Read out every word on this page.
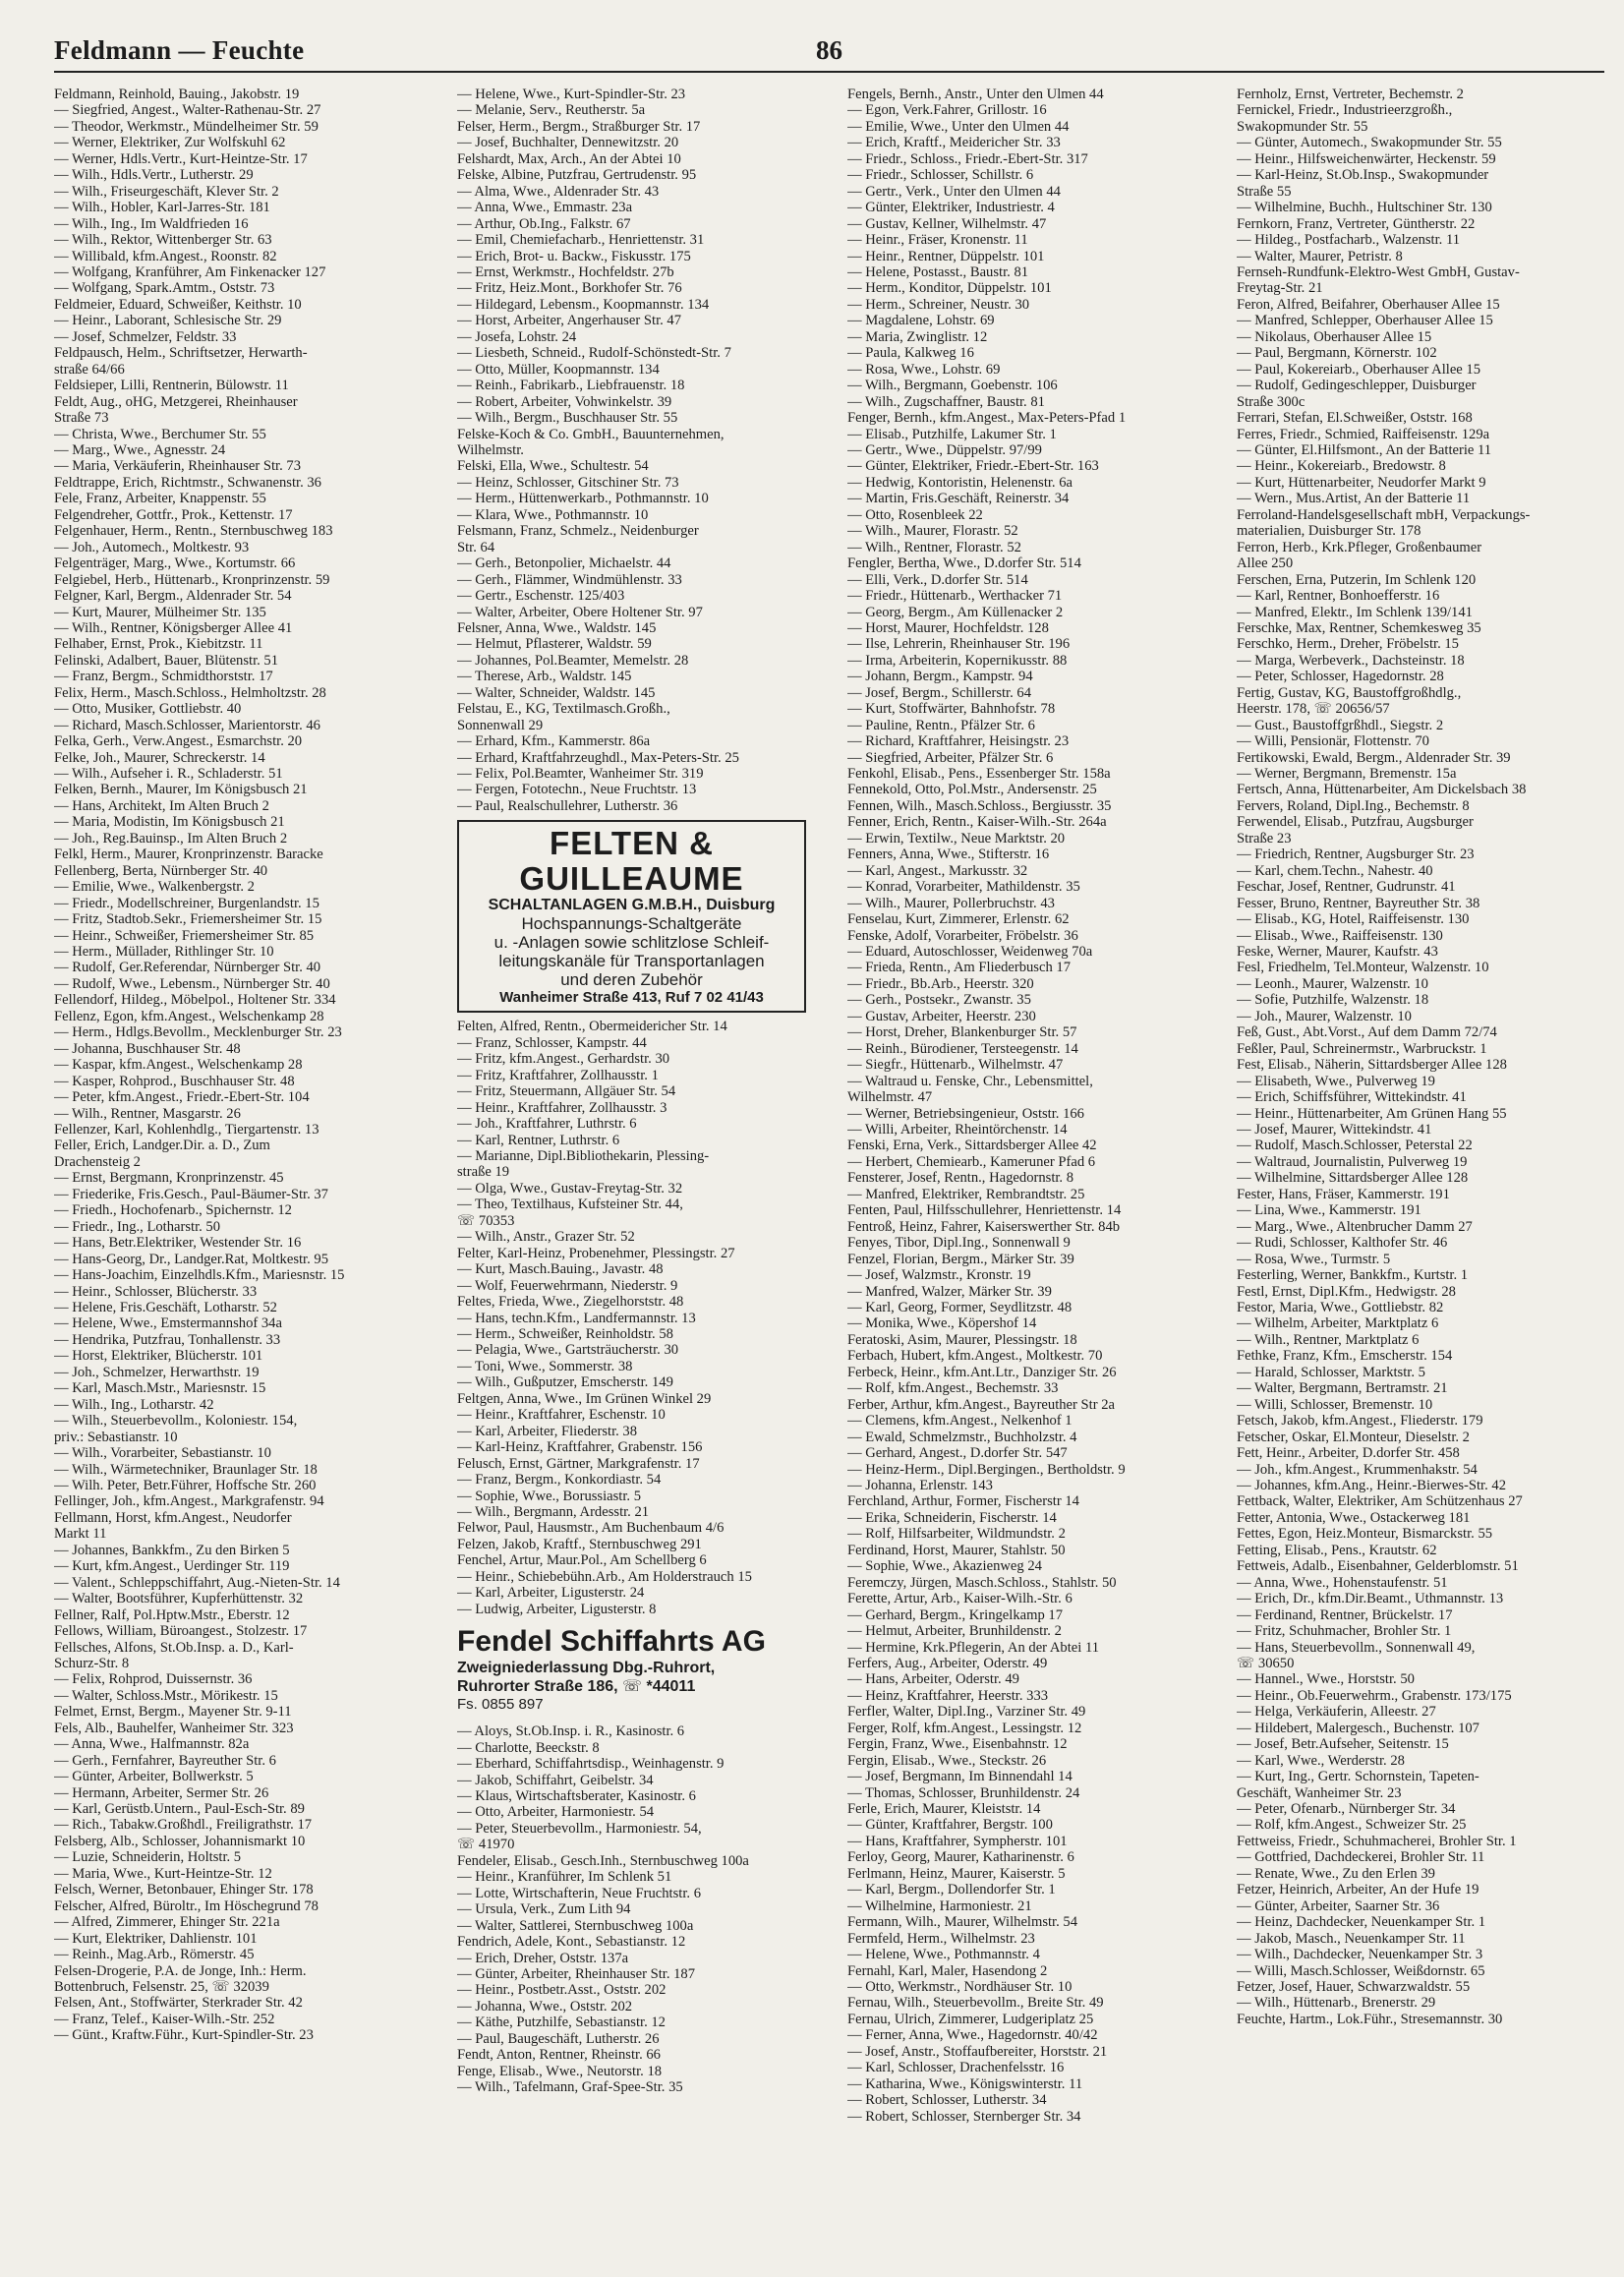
Feldmann — Feuchte	86
Feldmann, Reinhold, Bauing., Jakobstr. 19
— Siegfried, Angest., Walter-Rathenau-Str. 27
— Theodor, Werkmstr., Mündelheimer Str. 59
— Werner, Elektriker, Zur Wolfskuhl 62
— Werner, Hdls.Vertr., Kurt-Heintze-Str. 17
— Wilh., Hdls.Vertr., Lutherstr. 29
— Wilh., Friseurgeschäft, Klever Str. 2
— Wilh., Hobler, Karl-Jarres-Str. 181
— Wilh., Ing., Im Waldfrieden 16
— Wilh., Rektor, Wittenberger Str. 63
— Willibald, kfm.Angest., Roonstr. 82
— Wolfgang, Kranführer, Am Finkenacker 127
— Wolfgang, Spark.Amtm., Oststr. 73
Feldmeier, Eduard, Schweißer, Keithstr. 10
— Heinr., Laborant, Schlesische Str. 29
— Josef, Schmelzer, Feldstr. 33
Feldpausch, Helm., Schriftsetzer, Herwarth-
straße 64/66
Feldsieper, Lilli, Rentnerin, Bülowstr. 11
Feldt, Aug., oHG, Metzgerei, Rheinhauser
Straße 73
— Christa, Wwe., Berchumer Str. 55
— Marg., Wwe., Agnesstr. 24
— Maria, Verkäuferin, Rheinhauser Str. 73
Feldtrappe, Erich, Richtmstr., Schwanenstr. 36
Fele, Franz, Arbeiter, Knappenstr. 55
Felgendreher, Gottfr., Prok., Kettenstr. 17
Felgenhauer, Herm., Rentn., Sternbuschweg 183
— Joh., Automech., Moltkestr. 93
Felgenträger, Marg., Wwe., Kortumstr. 66
Felgiebel, Herb., Hüttenarb., Kronprinzenstr. 59
Felgner, Karl, Bergm., Aldenrader Str. 54
— Kurt, Maurer, Mülheimer Str. 135
— Wilh., Rentner, Königsberger Allee 41
Felhaber, Ernst, Prok., Kiebitzstr. 11
Felinski, Adalbert, Bauer, Blütenstr. 51
— Franz, Bergm., Schmidthorststr. 17
Felix, Herm., Masch.Schloss., Helmholtzstr. 28
— Otto, Musiker, Gottliebstr. 40
— Richard, Masch.Schlosser, Marientorstr. 46
Felka, Gerh., Verw.Angest., Esmarchstr. 20
Felke, Joh., Maurer, Schreckerstr. 14
— Wilh., Aufseher i. R., Schladerstr. 51
Felken, Bernh., Maurer, Im Königsbusch 21
— Hans, Architekt, Im Alten Bruch 2
— Maria, Modistin, Im Königsbusch 21
— Joh., Reg.Bauinsp., Im Alten Bruch 2
Felkl, Herm., Maurer, Kronprinzenstr. Baracke
Fellenberg, Berta, Nürnberger Str. 40
— Emilie, Wwe., Walkenbergstr. 2
— Friedr., Modellschreiner, Burgenlandstr. 15
— Fritz, Stadtob.Sekr., Friemersheimer Str. 15
— Heinr., Schweißer, Friemersheimer Str. 85
— Herm., Müllader, Rithlinger Str. 10
— Rudolf, Ger.Referendar, Nürnberger Str. 40
— Rudolf, Wwe., Lebensm., Nürnberger Str. 40
Fellendorf, Hildeg., Möbelpol., Holtener Str. 334
Fellenz, Egon, kfm.Angest., Welschenkamp 28
— Herm., Hdlgs.Bevollm., Mecklenburger Str. 23
— Johanna, Buschhauser Str. 48
— Kaspar, kfm.Angest., Welschenkamp 28
— Kasper, Rohprod., Buschhauser Str. 48
— Peter, kfm.Angest., Friedr.-Ebert-Str. 104
— Wilh., Rentner, Masgarstr. 26
Fellenzer, Karl, Kohlenhdlg., Tiergartenstr. 13
Feller, Erich, Landger.Dir. a. D., Zum
Drachensteig 2
— Ernst, Bergmann, Kronprinzenstr. 45
— Friederike, Fris.Gesch., Paul-Bäumer-Str. 37
— Friedh., Hochofenarb., Spichernstr. 12
— Friedr., Ing., Lotharstr. 50
— Hans, Betr.Elektriker, Westender Str. 16
— Hans-Georg, Dr., Landger.Rat, Moltkestr. 95
— Hans-Joachim, Einzelhdls.Kfm., Mariesnstr. 15
— Heinr., Schlosser, Blücherstr. 33
— Helene, Fris.Geschäft, Lotharstr. 52
— Helene, Wwe., Emstermannshof 34a
— Hendrika, Putzfrau, Tonhallenstr. 33
— Horst, Elektriker, Blücherstr. 101
— Joh., Schmelzer, Herwarthstr. 19
— Karl, Masch.Mstr., Mariesnstr. 15
— Wilh., Ing., Lotharstr. 42
— Wilh., Steuerbevollm., Koloniestr. 154,
priv.: Sebastianstr. 10
— Wilh., Vorarbeiter, Sebastianstr. 10
— Wilh., Wärmetechniker, Braunlager Str. 18
— Wilh. Peter, Betr.Führer, Hoffsche Str. 260
Fellinger, Joh., kfm.Angest., Markgrafenstr. 94
Fellmann, Horst, kfm.Angest., Neudorfer
Markt 11
— Johannes, Bankkfm., Zu den Birken 5
— Kurt, kfm.Angest., Uerdinger Str. 119
— Valent., Schleppschiffahrt, Aug.-Nieten-Str. 14
— Walter, Bootsführer, Kupferhüttenstr. 32
Fellner, Ralf, Pol.Hptw.Mstr., Eberstr. 12
Fellows, William, Büroangest., Stolzestr. 17
Fellsches, Alfons, St.Ob.Insp. a. D., Karl-
Schurz-Str. 8
— Felix, Rohprod, Duissernstr. 36
— Walter, Schloss.Mstr., Mörikestr. 15
Felmet, Ernst, Bergm., Mayener Str. 9-11
Fels, Alb., Bauhelfer, Wanheimer Str. 323
— Anna, Wwe., Halfmannstr. 82a
— Gerh., Fernfahrer, Bayreuther Str. 6
— Günter, Arbeiter, Bollwerkstr. 5
— Hermann, Arbeiter, Sermer Str. 26
— Karl, Gerüstb.Untern., Paul-Esch-Str. 89
— Rich., Tabakw.Großhdl., Freiligrathstr. 17
Felsberg, Alb., Schlosser, Johannismarkt 10
— Luzie, Schneiderin, Holtstr. 5
— Maria, Wwe., Kurt-Heintze-Str. 12
Felsch, Werner, Betonbauer, Ehinger Str. 178
Felscher, Alfred, Büroltr., Im Höschegrund 78
— Alfred, Zimmerer, Ehinger Str. 221a
— Kurt, Elektriker, Dahlienstr. 101
— Reinh., Mag.Arb., Römerstr. 45
Felsen-Drogerie, P.A. de Jonge, Inh.: Herm.
Bottenbruch, Felsenstr. 25, ☏ 32039
Felsen, Ant., Stoffwärter, Sterkrader Str. 42
— Franz, Telef., Kaiser-Wilh.-Str. 252
— Günt., Kraftw.Führ., Kurt-Spindler-Str. 23
— Helene, Wwe., Kurt-Spindler-Str. 23
— Melanie, Serv., Reutherstr. 5a
Felser, Herm., Bergm., Straßburger Str. 17
— Josef, Buchhalter, Dennewitzstr. 20
Felshardt, Max, Arch., An der Abtei 10
Felske, Albine, Putzfrau, Gertrudenstr. 95
— Alma, Wwe., Aldenrader Str. 43
— Anna, Wwe., Emmastr. 23a
— Arthur, Ob.Ing., Falkstr. 67
— Emil, Chemiefacharb., Henriettenstr. 31
— Erich, Brot- u. Backw., Fiskusstr. 175
— Ernst, Werkmstr., Hochfeldstr. 27b
— Fritz, Heiz.Mont., Borkhofer Str. 76
— Hildegard, Lebensm., Koopmannstr. 134
— Horst, Arbeiter, Angerhauser Str. 47
— Josefa, Lohstr. 24
— Liesbeth, Schneid., Rudolf-Schönstedt-Str. 7
— Otto, Müller, Koopmannstr. 134
— Reinh., Fabrikarb., Liebfrauenstr. 18
— Robert, Arbeiter, Vohwinkelstr. 39
— Wilh., Bergm., Buschhauser Str. 55
Felske-Koch & Co. GmbH., Bauunternehmen,
Wilhelmstr.
Felski, Ella, Wwe., Schultestr. 54
— Heinz, Schlosser, Gitschiner Str. 73
— Herm., Hüttenwerkarb., Pothmannstr. 10
— Klara, Wwe., Pothmannstr. 10
Felsmann, Franz, Schmelz., Neidenburger
Str. 64
— Gerh., Betonpolier, Michaelstr. 44
— Gerh., Flämmer, Windmühlenstr. 33
— Gertr., Eschenstr. 125/403
— Walter, Arbeiter, Obere Holtener Str. 97
Felsner, Anna, Wwe., Waldstr. 145
— Helmut, Pflasterer, Waldstr. 59
— Johannes, Pol.Beamter, Memelstr. 28
— Therese, Arb., Waldstr. 145
— Walter, Schneider, Waldstr. 145
Felstau, E., KG, Textilmasch.Großh.,
Sonnenwall 29
— Erhard, Kfm., Kammerstr. 86a
— Erhard, Kraftfahrzeughdl., Max-Peters-Str. 25
— Felix, Pol.Beamter, Wanheimer Str. 319
— Fergen, Fototechn., Neue Fruchtstr. 13
— Paul, Realschullehrer, Lutherstr. 36
FELTEN & GUILLEAUME
SCHALTANLAGEN G.M.B.H., Duisburg
Hochspannungs-Schaltgeräte
u. -Anlagen sowie schlitzlose Schleif-
leitungskanäle für Transportanlagen
und deren Zubehör
Wanheimer Straße 413, Ruf 7 02 41/43
Felten, Alfred, Rentn., Obermeidericher Str. 14
— Franz, Schlosser, Kampstr. 44
— Fritz, kfm.Angest., Gerhardstr. 30
— Fritz, Kraftfahrer, Zollhausstr. 1
— Fritz, Steuermann, Allgäuer Str. 54
— Heinr., Kraftfahrer, Zollhausstr. 3
— Joh., Kraftfahrer, Luthrstr. 6
— Karl, Rentner, Luthrstr. 6
— Marianne, Dipl.Bibliothekarin, Plessing-
straße 19
— Olga, Wwe., Gustav-Freytag-Str. 32
— Theo, Textilhaus, Kufsteiner Str. 44,
☏ 70353
— Wilh., Anstr., Grazer Str. 52
Felter, Karl-Heinz, Probenehmer, Plessingstr. 27
— Kurt, Masch.Bauing., Javastr. 48
— Wolf, Feuerwehrmann, Niederstr. 9
Feltes, Frieda, Wwe., Ziegelhorststr. 48
— Hans, techn.Kfm., Landfermannstr. 13
— Herm., Schweißer, Reinholdstr. 58
— Pelagia, Wwe., Gartsträucherstr. 30
— Toni, Wwe., Sommerstr. 38
— Wilh., Gußputzer, Emscherstr. 149
Feltgen, Anna, Wwe., Im Grünen Winkel 29
— Heinr., Kraftfahrer, Eschenstr. 10
— Karl, Arbeiter, Fliederstr. 38
— Karl-Heinz, Kraftfahrer, Grabenstr. 156
Felusch, Ernst, Gärtner, Markgrafenstr. 17
— Franz, Bergm., Konkordiastr. 54
— Sophie, Wwe., Borussiastr. 5
— Wilh., Bergmann, Ardesstr. 21
Felwor, Paul, Hausmstr., Am Buchenbaum 4/6
Felzen, Jakob, Kraftf., Sternbuschweg 291
Fenchel, Artur, Maur.Pol., Am Schellberg 6
— Heinr., Schiebebühn.Arb., Am Holderstrauch 15
— Karl, Arbeiter, Ligusterstr. 24
— Ludwig, Arbeiter, Ligusterstr. 8
Fendel Schiffahrts AG
Zweigniederlassung Dbg.-Ruhrort,
Ruhrorter Straße 186, ☏ *44011
Fs. 0855 897
— Aloys, St.Ob.Insp. i. R., Kasinostr. 6
— Charlotte, Beeckstr. 8
— Eberhard, Schiffahrtsdisp., Weinhagenstr. 9
— Jakob, Schiffahrt, Geibelstr. 34
— Klaus, Wirtschaftsberater, Kasinostr. 6
— Otto, Arbeiter, Harmoniestr. 54
— Peter, Steuerbevollm., Harmoniestr. 54,
☏ 41970
Fendeler, Elisab., Gesch.Inh., Sternbuschweg 100a
— Heinr., Kranführer, Im Schlenk 51
— Lotte, Wirtschafterin, Neue Fruchtstr. 6
— Ursula, Verk., Zum Lith 94
— Walter, Sattlerei, Sternbuschweg 100a
Fendrich, Adele, Kont., Sebastianstr. 12
— Erich, Dreher, Oststr. 137a
— Günter, Arbeiter, Rheinhauser Str. 187
— Heinr., Postbetr.Asst., Oststr. 202
— Johanna, Wwe., Oststr. 202
— Käthe, Putzhilfe, Sebastianstr. 12
— Paul, Baugeschäft, Lutherstr. 26
Fendt, Anton, Rentner, Rheinstr. 66
Fenge, Elisab., Wwe., Neutorstr. 18
— Wilh., Tafelmann, Graf-Spee-Str. 35
Fengels, Bernh., Anstr., Unter den Ulmen 44
— Egon, Verk.Fahrer, Grillostr. 16
— Emilie, Wwe., Unter den Ulmen 44
— Erich, Kraftf., Meidericher Str. 33
— Friedr., Schloss., Friedr.-Ebert-Str. 317
— Friedr., Schlosser, Schillstr. 6
— Gertr., Verk., Unter den Ulmen 44
— Günter, Elektriker, Industriestr. 4
— Gustav, Kellner, Wilhelmstr. 47
— Heinr., Fräser, Kronenstr. 11
— Heinr., Rentner, Düppelstr. 101
— Helene, Postasst., Baustr. 81
— Herm., Konditor, Düppelstr. 101
— Herm., Schreiner, Neustr. 30
— Magdalene, Lohstr. 69
— Maria, Zwinglistr. 12
— Paula, Kalkweg 16
— Rosa, Wwe., Lohstr. 69
— Wilh., Bergmann, Goebenstr. 106
— Wilh., Zugschaffner, Baustr. 81
Fenger, Bernh., kfm.Angest., Max-Peters-Pfad 1
— Elisab., Putzhilfe, Lakumer Str. 1
— Gertr., Wwe., Düppelstr. 97/99
— Günter, Elektriker, Friedr.-Ebert-Str. 163
— Hedwig, Kontoristin, Helenenstr. 6a
— Martin, Fris.Geschäft, Reinerstr. 34
— Otto, Rosenbleek 22
— Wilh., Maurer, Florastr. 52
— Wilh., Rentner, Florastr. 52
Fengler, Bertha, Wwe., D.dorfer Str. 514
— Elli, Verk., D.dorfer Str. 514
— Friedr., Hüttenarb., Werthacker 71
— Georg, Bergm., Am Küllenacker 2
— Horst, Maurer, Hochfeldstr. 128
— Ilse, Lehrerin, Rheinhauser Str. 196
— Irma, Arbeiterin, Kopernikusstr. 88
— Johann, Bergm., Kampstr. 94
— Josef, Bergm., Schillerstr. 64
— Kurt, Stoffwärter, Bahnhofstr. 78
— Pauline, Rentn., Pfälzer Str. 6
— Richard, Kraftfahrer, Heisingstr. 23
— Siegfried, Arbeiter, Pfälzer Str. 6
Fenkohl, Elisab., Pens., Essenberger Str. 158a
Fennekold, Otto, Pol.Mstr., Andersenstr. 25
Fennen, Wilh., Masch.Schloss., Bergiusstr. 35
Fenner, Erich, Rentn., Kaiser-Wilh.-Str. 264a
— Erwin, Textilw., Neue Marktstr. 20
Fenners, Anna, Wwe., Stifterstr. 16
— Karl, Angest., Markusstr. 32
— Konrad, Vorarbeiter, Mathildenstr. 35
— Wilh., Maurer, Pollerbruchstr. 43
Fenselau, Kurt, Zimmerer, Erlenstr. 62
Fenske, Adolf, Vorarbeiter, Fröbelstr. 36
— Eduard, Autoschlosser, Weidenweg 70a
— Frieda, Rentn., Am Fliederbusch 17
— Friedr., Bb.Arb., Heerstr. 320
— Gerh., Postsekr., Zwanstr. 35
— Gustav, Arbeiter, Heerstr. 230
— Horst, Dreher, Blankenburger Str. 57
— Reinh., Bürodiener, Tersteegenstr. 14
— Siegfr., Hüttenarb., Wilhelmstr. 47
— Waltraud u. Fenske, Chr., Lebensmittel,
Wilhelmstr. 47
— Werner, Betriebsingenieur, Oststr. 166
— Willi, Arbeiter, Rheintörchenstr. 14
Fenski, Erna, Verk., Sittardsberger Allee 42
— Herbert, Chemiearb., Kameruner Pfad 6
Fensterer, Josef, Rentn., Hagedornstr. 8
— Manfred, Elektriker, Rembrandtstr. 25
Fenten, Paul, Hilfsschullehrer, Henriettenstr. 14
Fentroß, Heinz, Fahrer, Kaiserswerther Str. 84b
Fenyes, Tibor, Dipl.Ing., Sonnenwall 9
Fenzel, Florian, Bergm., Märker Str. 39
— Josef, Walzmstr., Kronstr. 19
— Manfred, Walzer, Märker Str. 39
— Karl, Georg, Former, Seydlitzstr. 48
— Monika, Wwe., Köpershof 14
Feratoski, Asim, Maurer, Plessingstr. 18
Ferbach, Hubert, kfm.Angest., Moltkestr. 70
Ferbeck, Heinr., kfm.Ant.Ltr., Danziger Str. 26
— Rolf, kfm.Angest., Bechemstr. 33
Ferber, Arthur, kfm.Angest., Bayreuther Str 2a
— Clemens, kfm.Angest., Nelkenhof 1
— Ewald, Schmelzmstr., Buchholzstr. 4
— Gerhard, Angest., D.dorfer Str. 547
— Heinz-Herm., Dipl.Bergingen., Bertholdstr. 9
— Johanna, Erlenstr. 143
Ferchland, Arthur, Former, Fischerstr 14
— Erika, Schneiderin, Fischerstr. 14
— Rolf, Hilfsarbeiter, Wildmundstr. 2
Ferdinand, Horst, Maurer, Stahlstr. 50
— Sophie, Wwe., Akazienweg 24
Feremczy, Jürgen, Masch.Schloss., Stahlstr. 50
Ferette, Artur, Arb., Kaiser-Wilh.-Str. 6
— Gerhard, Bergm., Kringelkamp 17
— Helmut, Arbeiter, Brunhildenstr. 2
— Hermine, Krk.Pflegerin, An der Abtei 11
Ferfers, Aug., Arbeiter, Oderstr. 49
— Hans, Arbeiter, Oderstr. 49
— Heinz, Kraftfahrer, Heerstr. 333
Ferfler, Walter, Dipl.Ing., Varziner Str. 49
Ferger, Rolf, kfm.Angest., Lessingstr. 12
Fergin, Franz, Wwe., Eisenbahnstr. 12
Fergin, Elisab., Wwe., Steckstr. 26
— Josef, Bergmann, Im Binnendahl 14
— Thomas, Schlosser, Brunhildenstr. 24
Ferle, Erich, Maurer, Kleiststr. 14
— Günter, Kraftfahrer, Bergstr. 100
— Hans, Kraftfahrer, Sympherstr. 101
Ferloy, Georg, Maurer, Katharinenstr. 6
Ferlmann, Heinz, Maurer, Kaiserstr. 5
— Karl, Bergm., Dollendorfer Str. 1
— Wilhelmine, Harmoniestr. 21
Fermann, Wilh., Maurer, Wilhelmstr. 54
Fermfeld, Herm., Wilhelmstr. 23
— Helene, Wwe., Pothmannstr. 4
Fernahl, Karl, Maler, Hasendong 2
— Otto, Werkmstr., Nordhäuser Str. 10
Fernau, Wilh., Steuerbevollm., Breite Str. 49
Fernau, Ulrich, Zimmerer, Ludgeriplatz 25
— Ferner, Anna, Wwe., Hagedornstr. 40/42
— Josef, Anstr., Stoffaufbereiter, Horststr. 21
— Karl, Schlosser, Drachenfelsstr. 16
— Katharina, Wwe., Königswinterstr. 11
— Robert, Schlosser, Lutherstr. 34
— Robert, Schlosser, Sternberger Str. 34
Fernholz, Ernst, Vertreter, Bechemstr. 2
Fernickel, Friedr., Industrieerzgroßh.,
Swakopmunder Str. 55
— Günter, Automech., Swakopmunder Str. 55
— Heinr., Hilfsweichenwärter, Heckenstr. 59
— Karl-Heinz, St.Ob.Insp., Swakopmunder
Straße 55
— Wilhelmine, Buchh., Hultschiner Str. 130
Fernkorn, Franz, Vertreter, Güntherstr. 22
— Hildeg., Postfacharb., Walzenstr. 11
— Walter, Maurer, Petristr. 8
Fernseh-Rundfunk-Elektro-West GmbH, Gustav-
Freytag-Str. 21
Feron, Alfred, Beifahrer, Oberhauser Allee 15
— Manfred, Schlepper, Oberhauser Allee 15
— Nikolaus, Oberhauser Allee 15
— Paul, Bergmann, Körnerstr. 102
— Paul, Kokereiarb., Oberhauser Allee 15
— Rudolf, Gedingeschlepper, Duisburger
Straße 300c
Ferrari, Stefan, El.Schweißer, Oststr. 168
Ferres, Friedr., Schmied, Raiffeisenstr. 129a
— Günter, El.Hilfsmont., An der Batterie 11
— Heinr., Kokereiarb., Bredowstr. 8
— Kurt, Hüttenarbeiter, Neudorfer Markt 9
— Wern., Mus.Artist, An der Batterie 11
Ferroland-Handelsgesellschaft mbH, Verpackungs-
materialien, Duisburger Str. 178
Ferron, Herb., Krk.Pfleger, Großenbaumer
Allee 250
Ferschen, Erna, Putzerin, Im Schlenk 120
— Karl, Rentner, Bonhoefferstr. 16
— Manfred, Elektr., Im Schlenk 139/141
Ferschke, Max, Rentner, Schemkesweg 35
Ferschko, Herm., Dreher, Fröbelstr. 15
— Marga, Werbeverk., Dachsteinstr. 18
— Peter, Schlosser, Hagedornstr. 28
Fertig, Gustav, KG, Baustoffgroßhdlg.,
Heerstr. 178, ☏ 20656/57
— Gust., Baustoffgrßhdl., Siegstr. 2
— Willi, Pensionär, Flottenstr. 70
Fertikowski, Ewald, Bergm., Aldenrader Str. 39
— Werner, Bergmann, Bremenstr. 15a
Fertsch, Anna, Hüttenarbeiter, Am Dickelsbach 38
Fervers, Roland, Dipl.Ing., Bechemstr. 8
Ferwendel, Elisab., Putzfrau, Augsburger
Straße 23
— Friedrich, Rentner, Augsburger Str. 23
— Karl, chem.Techn., Nahestr. 40
Feschar, Josef, Rentner, Gudrunstr. 41
Fesser, Bruno, Rentner, Bayreuther Str. 38
— Elisab., KG, Hotel, Raiffeisenstr. 130
— Elisab., Wwe., Raiffeisenstr. 130
Feske, Werner, Maurer, Kaufstr. 43
Fesl, Friedhelm, Tel.Monteur, Walzenstr. 10
— Leonh., Maurer, Walzenstr. 10
— Sofie, Putzhilfe, Walzenstr. 18
— Joh., Maurer, Walzenstr. 10
Feß, Gust., Abt.Vorst., Auf dem Damm 72/74
Feßler, Paul, Schreinermstr., Warbruckstr. 1
Fest, Elisab., Näherin, Sittardsberger Allee 128
— Elisabeth, Wwe., Pulverweg 19
— Erich, Schiffsführer, Wittekindstr. 41
— Heinr., Hüttenarbeiter, Am Grünen Hang 55
— Josef, Maurer, Wittekindstr. 41
— Rudolf, Masch.Schlosser, Peterstal 22
— Waltraud, Journalistin, Pulverweg 19
— Wilhelmine, Sittardsberger Allee 128
Fester, Hans, Fräser, Kammerstr. 191
— Lina, Wwe., Kammerstr. 191
— Marg., Wwe., Altenbrucher Damm 27
— Rudi, Schlosser, Kalthofer Str. 46
— Rosa, Wwe., Turmstr. 5
Festerling, Werner, Bankkfm., Kurtstr. 1
Festl, Ernst, Dipl.Kfm., Hedwigstr. 28
Festor, Maria, Wwe., Gottliebstr. 82
— Wilhelm, Arbeiter, Marktplatz 6
— Wilh., Rentner, Marktplatz 6
Fethke, Franz, Kfm., Emscherstr. 154
— Harald, Schlosser, Marktstr. 5
— Walter, Bergmann, Bertramstr. 21
— Willi, Schlosser, Bremenstr. 10
Fetsch, Jakob, kfm.Angest., Fliederstr. 179
Fetscher, Oskar, El.Monteur, Dieselstr. 2
Fett, Heinr., Arbeiter, D.dorfer Str. 458
— Joh., kfm.Angest., Krummenhakstr. 54
— Johannes, kfm.Ang., Heinr.-Bierwes-Str. 42
Fettback, Walter, Elektriker, Am Schützenhaus 27
Fetter, Antonia, Wwe., Ostackerweg 181
Fettes, Egon, Heiz.Monteur, Bismarckstr. 55
Fetting, Elisab., Pens., Krautstr. 62
Fettweis, Adalb., Eisenbahner, Gelderblomstr. 51
— Anna, Wwe., Hohenstaufenstr. 51
— Erich, Dr., kfm.Dir.Beamt., Uthmannstr. 13
— Ferdinand, Rentner, Brückelstr. 17
— Fritz, Schuhmacher, Brohler Str. 1
— Hans, Steuerbevollm., Sonnenwall 49,
☏ 30650
— Hannel., Wwe., Horststr. 50
— Heinr., Ob.Feuerwehrm., Grabenstr. 173/175
— Helga, Verkäuferin, Alleestr. 27
— Hildebert, Malergesch., Buchenstr. 107
— Josef, Betr.Aufseher, Seitenstr. 15
— Karl, Wwe., Werderstr. 28
— Kurt, Ing., Gertr. Schornstein, Tapeten-
Geschäft, Wanheimer Str. 23
— Peter, Ofenarb., Nürnberger Str. 34
— Rolf, kfm.Angest., Schweizer Str. 25
Fettweiss, Friedr., Schuhmacherei, Brohler Str. 1
— Gottfried, Dachdeckerei, Brohler Str. 11
— Renate, Wwe., Zu den Erlen 39
Fetzer, Heinrich, Arbeiter, An der Hufe 19
— Günter, Arbeiter, Saarner Str. 36
— Heinz, Dachdecker, Neuenkamper Str. 1
— Jakob, Masch., Neuenkamper Str. 11
— Wilh., Dachdecker, Neuenkamper Str. 3
— Willi, Masch.Schlosser, Weißdornstr. 65
Fetzer, Josef, Hauer, Schwarzwaldstr. 55
— Wilh., Hüttenarb., Brenerstr. 29
Feuchte, Hartm., Lok.Führ., Stresemannstr. 30
